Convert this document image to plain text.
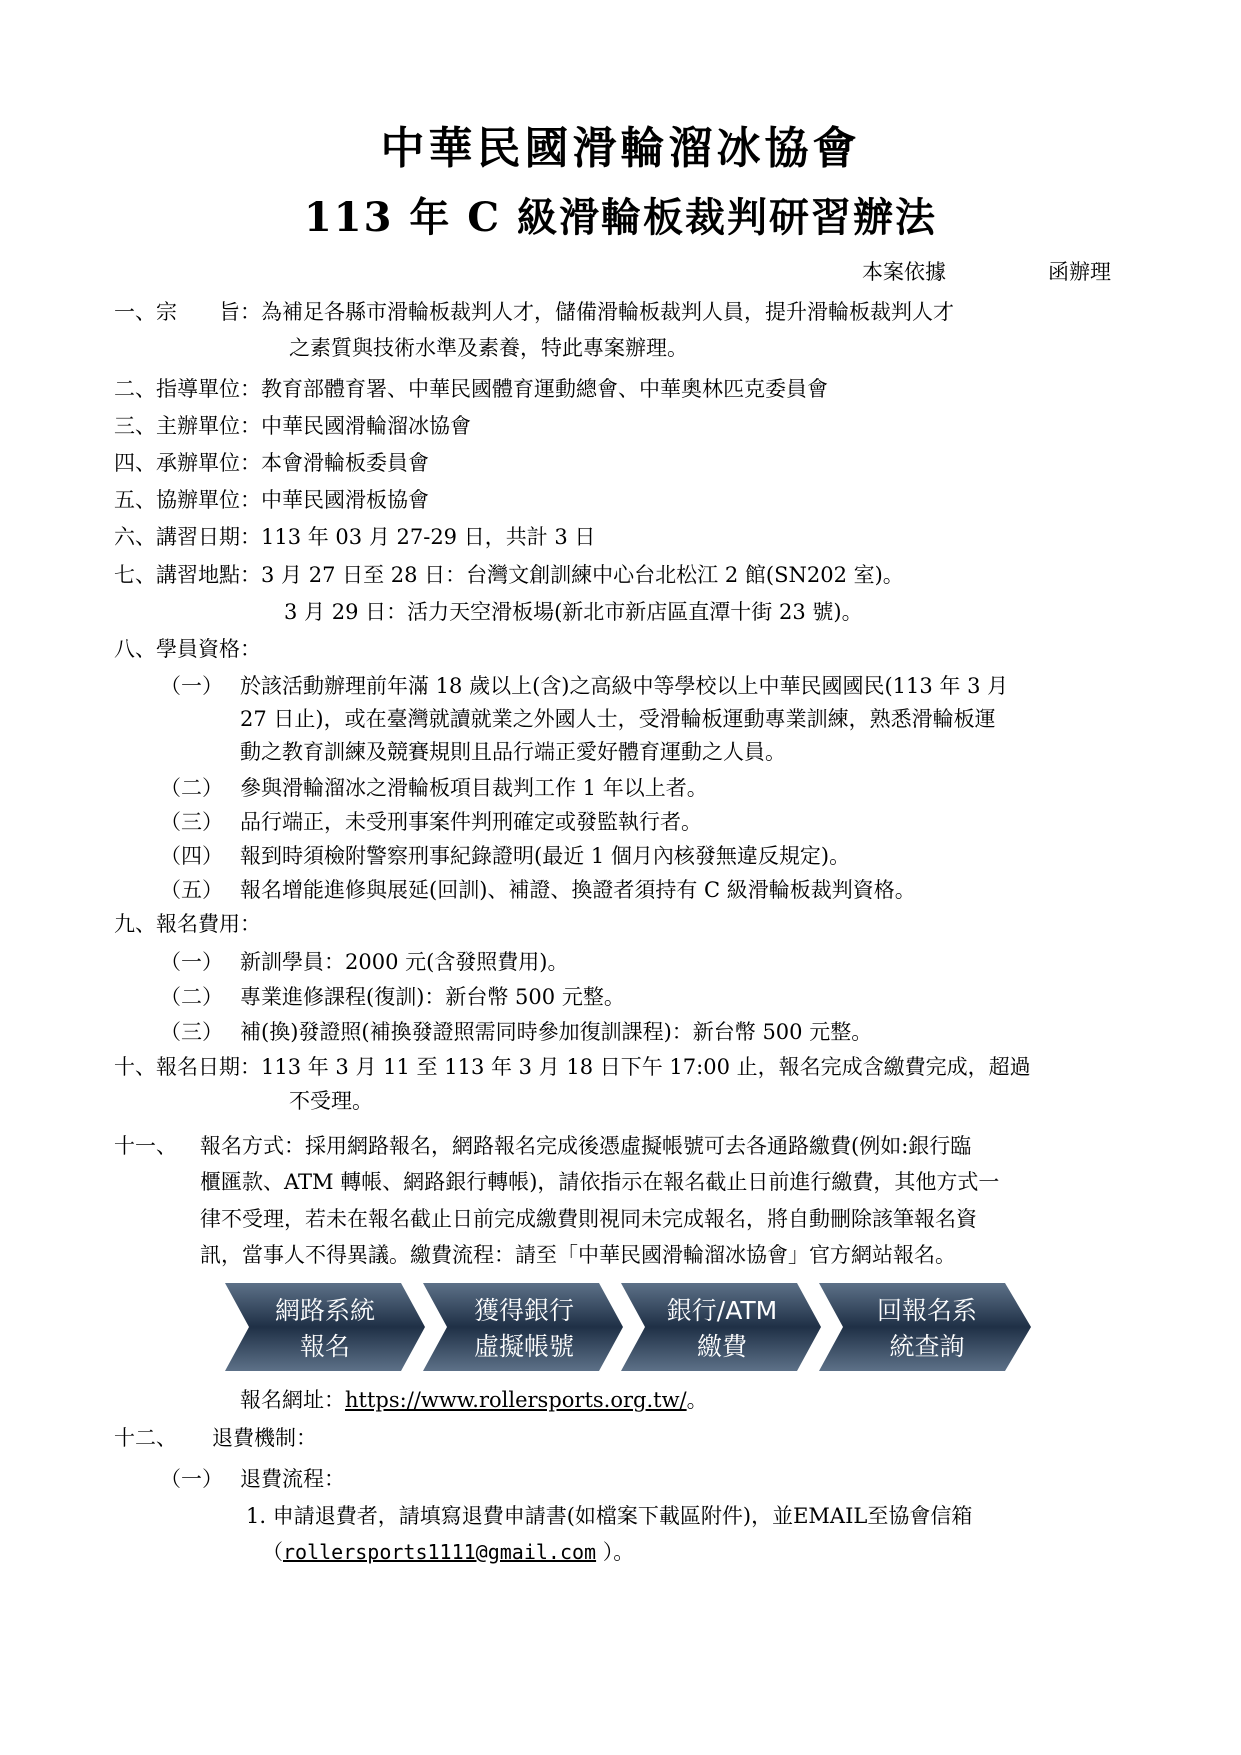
中華民國滑輪溜冰協會
113 年 C 級滑輪板裁判研習辦法
本案依據	函辦理
一、宗　　旨：為補足各縣市滑輪板裁判人才，儲備滑輪板裁判人員，提升滑輪板裁判人才
之素質與技術水準及素養，特此專案辦理。
二、指導單位：教育部體育署、中華民國體育運動總會、中華奧林匹克委員會
三、主辦單位：中華民國滑輪溜冰協會
四、承辦單位：本會滑輪板委員會
五、協辦單位：中華民國滑板協會
六、講習日期：113 年 03 月 27-29 日，共計 3 日
七、講習地點：3 月 27 日至 28 日：台灣文創訓練中心台北松江 2 館(SN202 室)。
3 月 29 日：活力天空滑板場(新北市新店區直潭十街 23 號)。
八、學員資格：
（一） 於該活動辦理前年滿 18 歲以上(含)之高級中等學校以上中華民國國民(113 年 3 月
27 日止)，或在臺灣就讀就業之外國人士，受滑輪板運動專業訓練，熟悉滑輪板運
動之教育訓練及競賽規則且品行端正愛好體育運動之人員。
（二） 參與滑輪溜冰之滑輪板項目裁判工作 1 年以上者。
（三） 品行端正，未受刑事案件判刑確定或發監執行者。
（四） 報到時須檢附警察刑事紀錄證明(最近 1 個月內核發無違反規定)。
（五） 報名增能進修與展延(回訓)、補證、換證者須持有 C 級滑輪板裁判資格。
九、報名費用：
（一） 新訓學員：2000 元(含發照費用)。
（二） 專業進修課程(復訓)：新台幣 500 元整。
（三） 補(換)發證照(補換發證照需同時參加復訓課程)：新台幣 500 元整。
十、報名日期：113 年 3 月 11 至 113 年 3 月 18 日下午 17:00 止，報名完成含繳費完成，超過
不受理。
十一、 報名方式：採用網路報名，網路報名完成後憑虛擬帳號可去各通路繳費(例如:銀行臨
櫃匯款、ATM 轉帳、網路銀行轉帳)，請依指示在報名截止日前進行繳費，其他方式一
律不受理，若未在報名截止日前完成繳費則視同未完成報名，將自動刪除該筆報名資
訊，當事人不得異議。繳費流程：請至「中華民國滑輪溜冰協會」官方網站報名。
網路系統
報名
獲得銀行
虛擬帳號
銀行/ATM
繳費
回報名系
統查詢
報名網址：https://www.rollersports.org.tw/。
十二、 退費機制：
（一） 退費流程：
1. 申請退費者，請填寫退費申請書(如檔案下載區附件)，並EMAIL至協會信箱
（rollersports1111@gmail.com ）。
